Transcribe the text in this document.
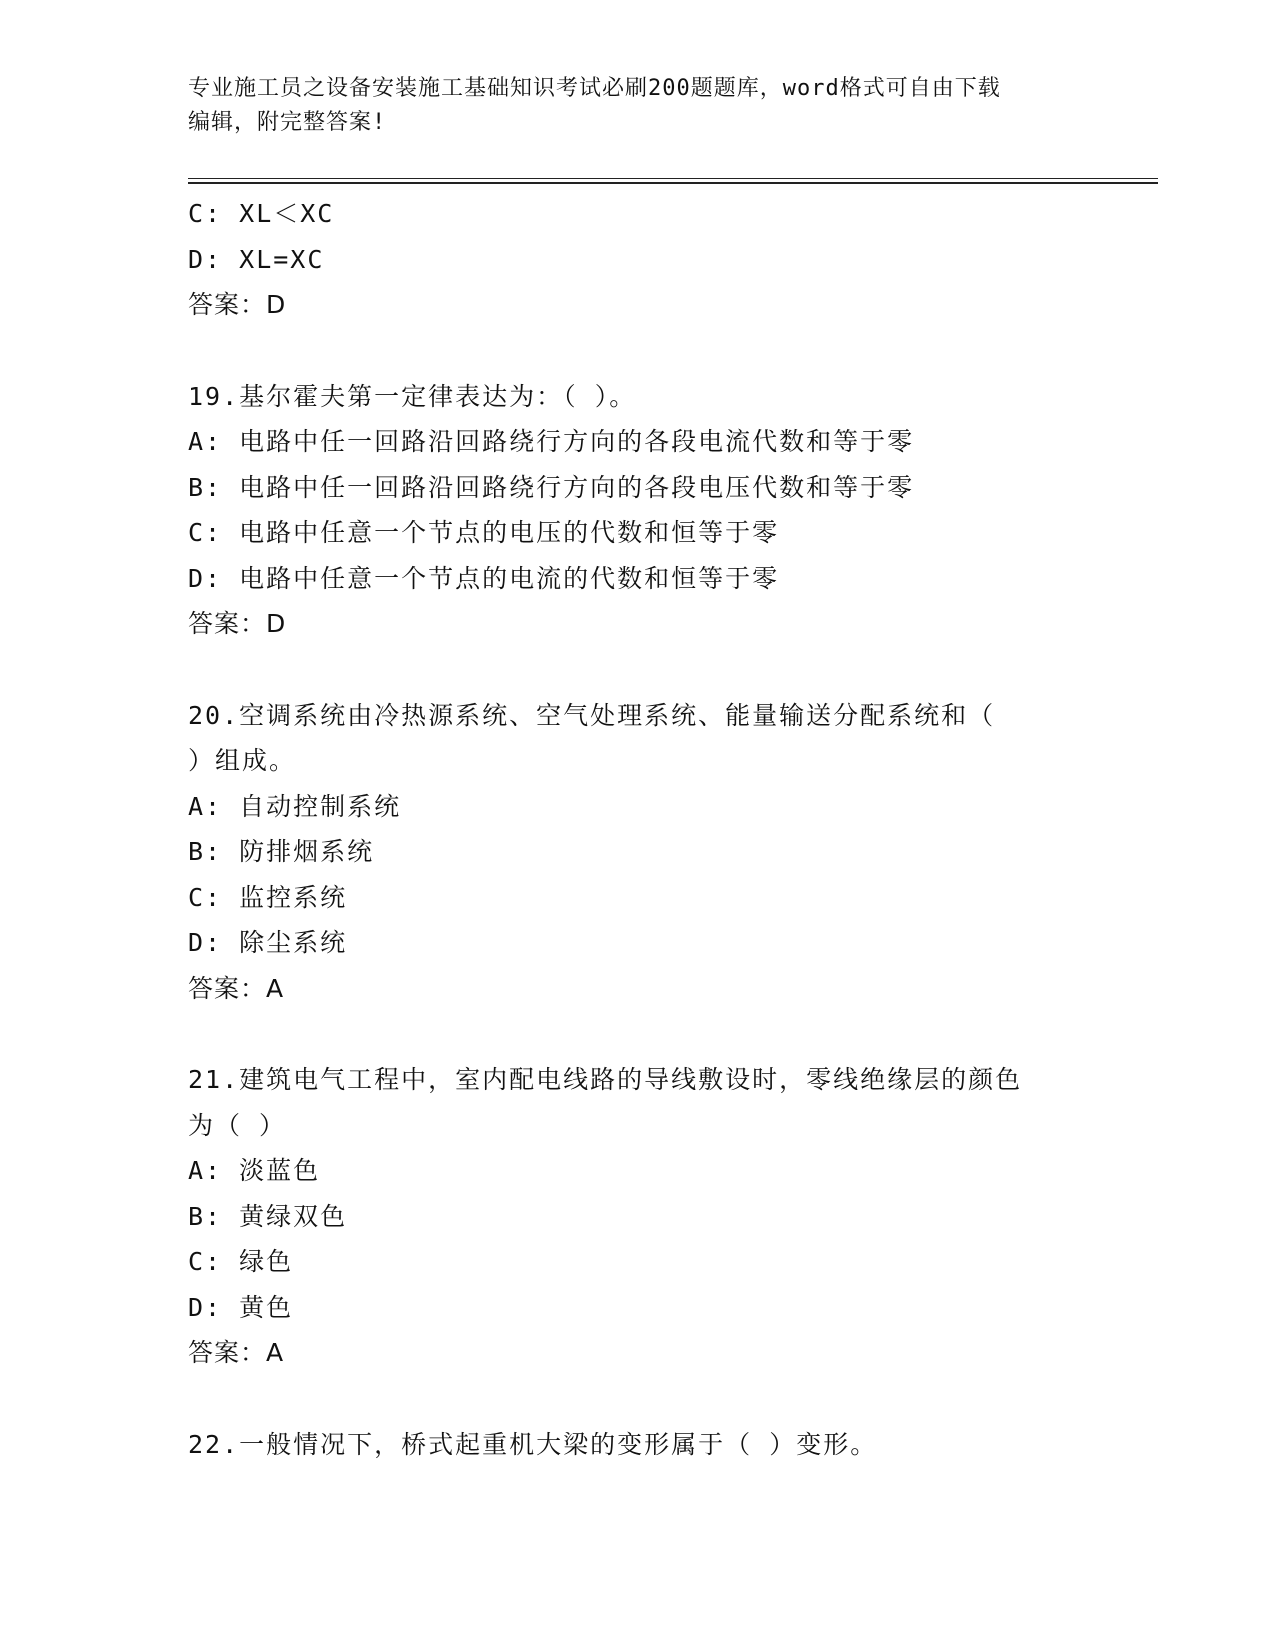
专业施工员之设备安装施工基础知识考试必刷200题题库，word格式可自由下载
编辑，附完整答案!
C: XL＜XC
D: XL=XC
答案：D
19.基尔霍夫第一定律表达为：（ ）。
A: 电路中任一回路沿回路绕行方向的各段电流代数和等于零
B: 电路中任一回路沿回路绕行方向的各段电压代数和等于零
C: 电路中任意一个节点的电压的代数和恒等于零
D: 电路中任意一个节点的电流的代数和恒等于零
答案：D
20.空调系统由冷热源系统、空气处理系统、能量输送分配系统和（
）组成。
A: 自动控制系统
B: 防排烟系统
C: 监控系统
D: 除尘系统
答案：A
21.建筑电气工程中，室内配电线路的导线敷设时，零线绝缘层的颜色
为（ ）
A: 淡蓝色
B: 黄绿双色
C: 绿色
D: 黄色
答案：A
22.一般情况下，桥式起重机大梁的变形属于（ ）变形。
